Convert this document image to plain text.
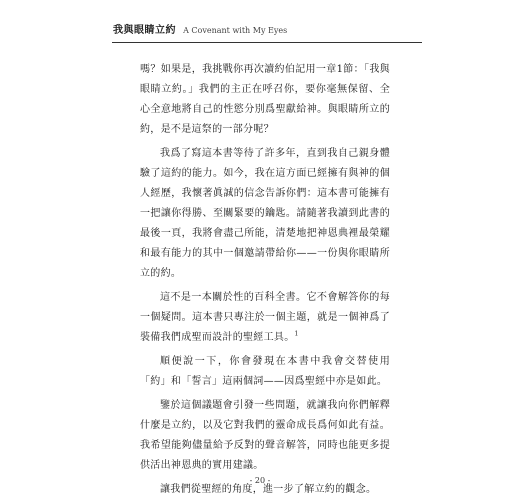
我與眼睛立約 A Covenant with My Eyes

嗎？如果是，我挑戰你再次讀約伯記用一章1節：「我與眼睛立約。」我們的主正在呼召你，要你毫無保留、全心全意地將自己的性慾分別爲聖獻給神。與眼睛所立的約，是不是這祭的一部分呢？

我爲了寫這本書等待了許多年，直到我自己親身體驗了這約的能力。如今，我在這方面已經擁有與神的個人經歷，我懷著眞誠的信念告訴你們：這本書可能擁有一把讓你得勝、至關緊要的鑰匙。請隨著我讀到此書的最後一頁，我將會盡己所能，清楚地把神恩典裡最榮耀和最有能力的其中一個邀請帶給你——一份與你眼睛所立的約。

這不是一本關於性的百科全書。它不會解答你的每一個疑問。這本書只專注於一個主題，就是一個神爲了裝備我們成聖而設計的聖經工具。$^1$

順便說一下，你會發現在本書中我會交替使用「約」和「誓言」這兩個詞——因爲聖經中亦是如此。

鑒於這個議題會引發一些問題，就讓我向你們解釋什麼是立約，以及它對我們的靈命成長爲何如此有益。我希望能夠儘量給予反對的聲音解答，同時也能更多提供活出神恩典的實用建議。

讓我們從聖經的角度，進一步了解立約的觀念。

- 20 -
